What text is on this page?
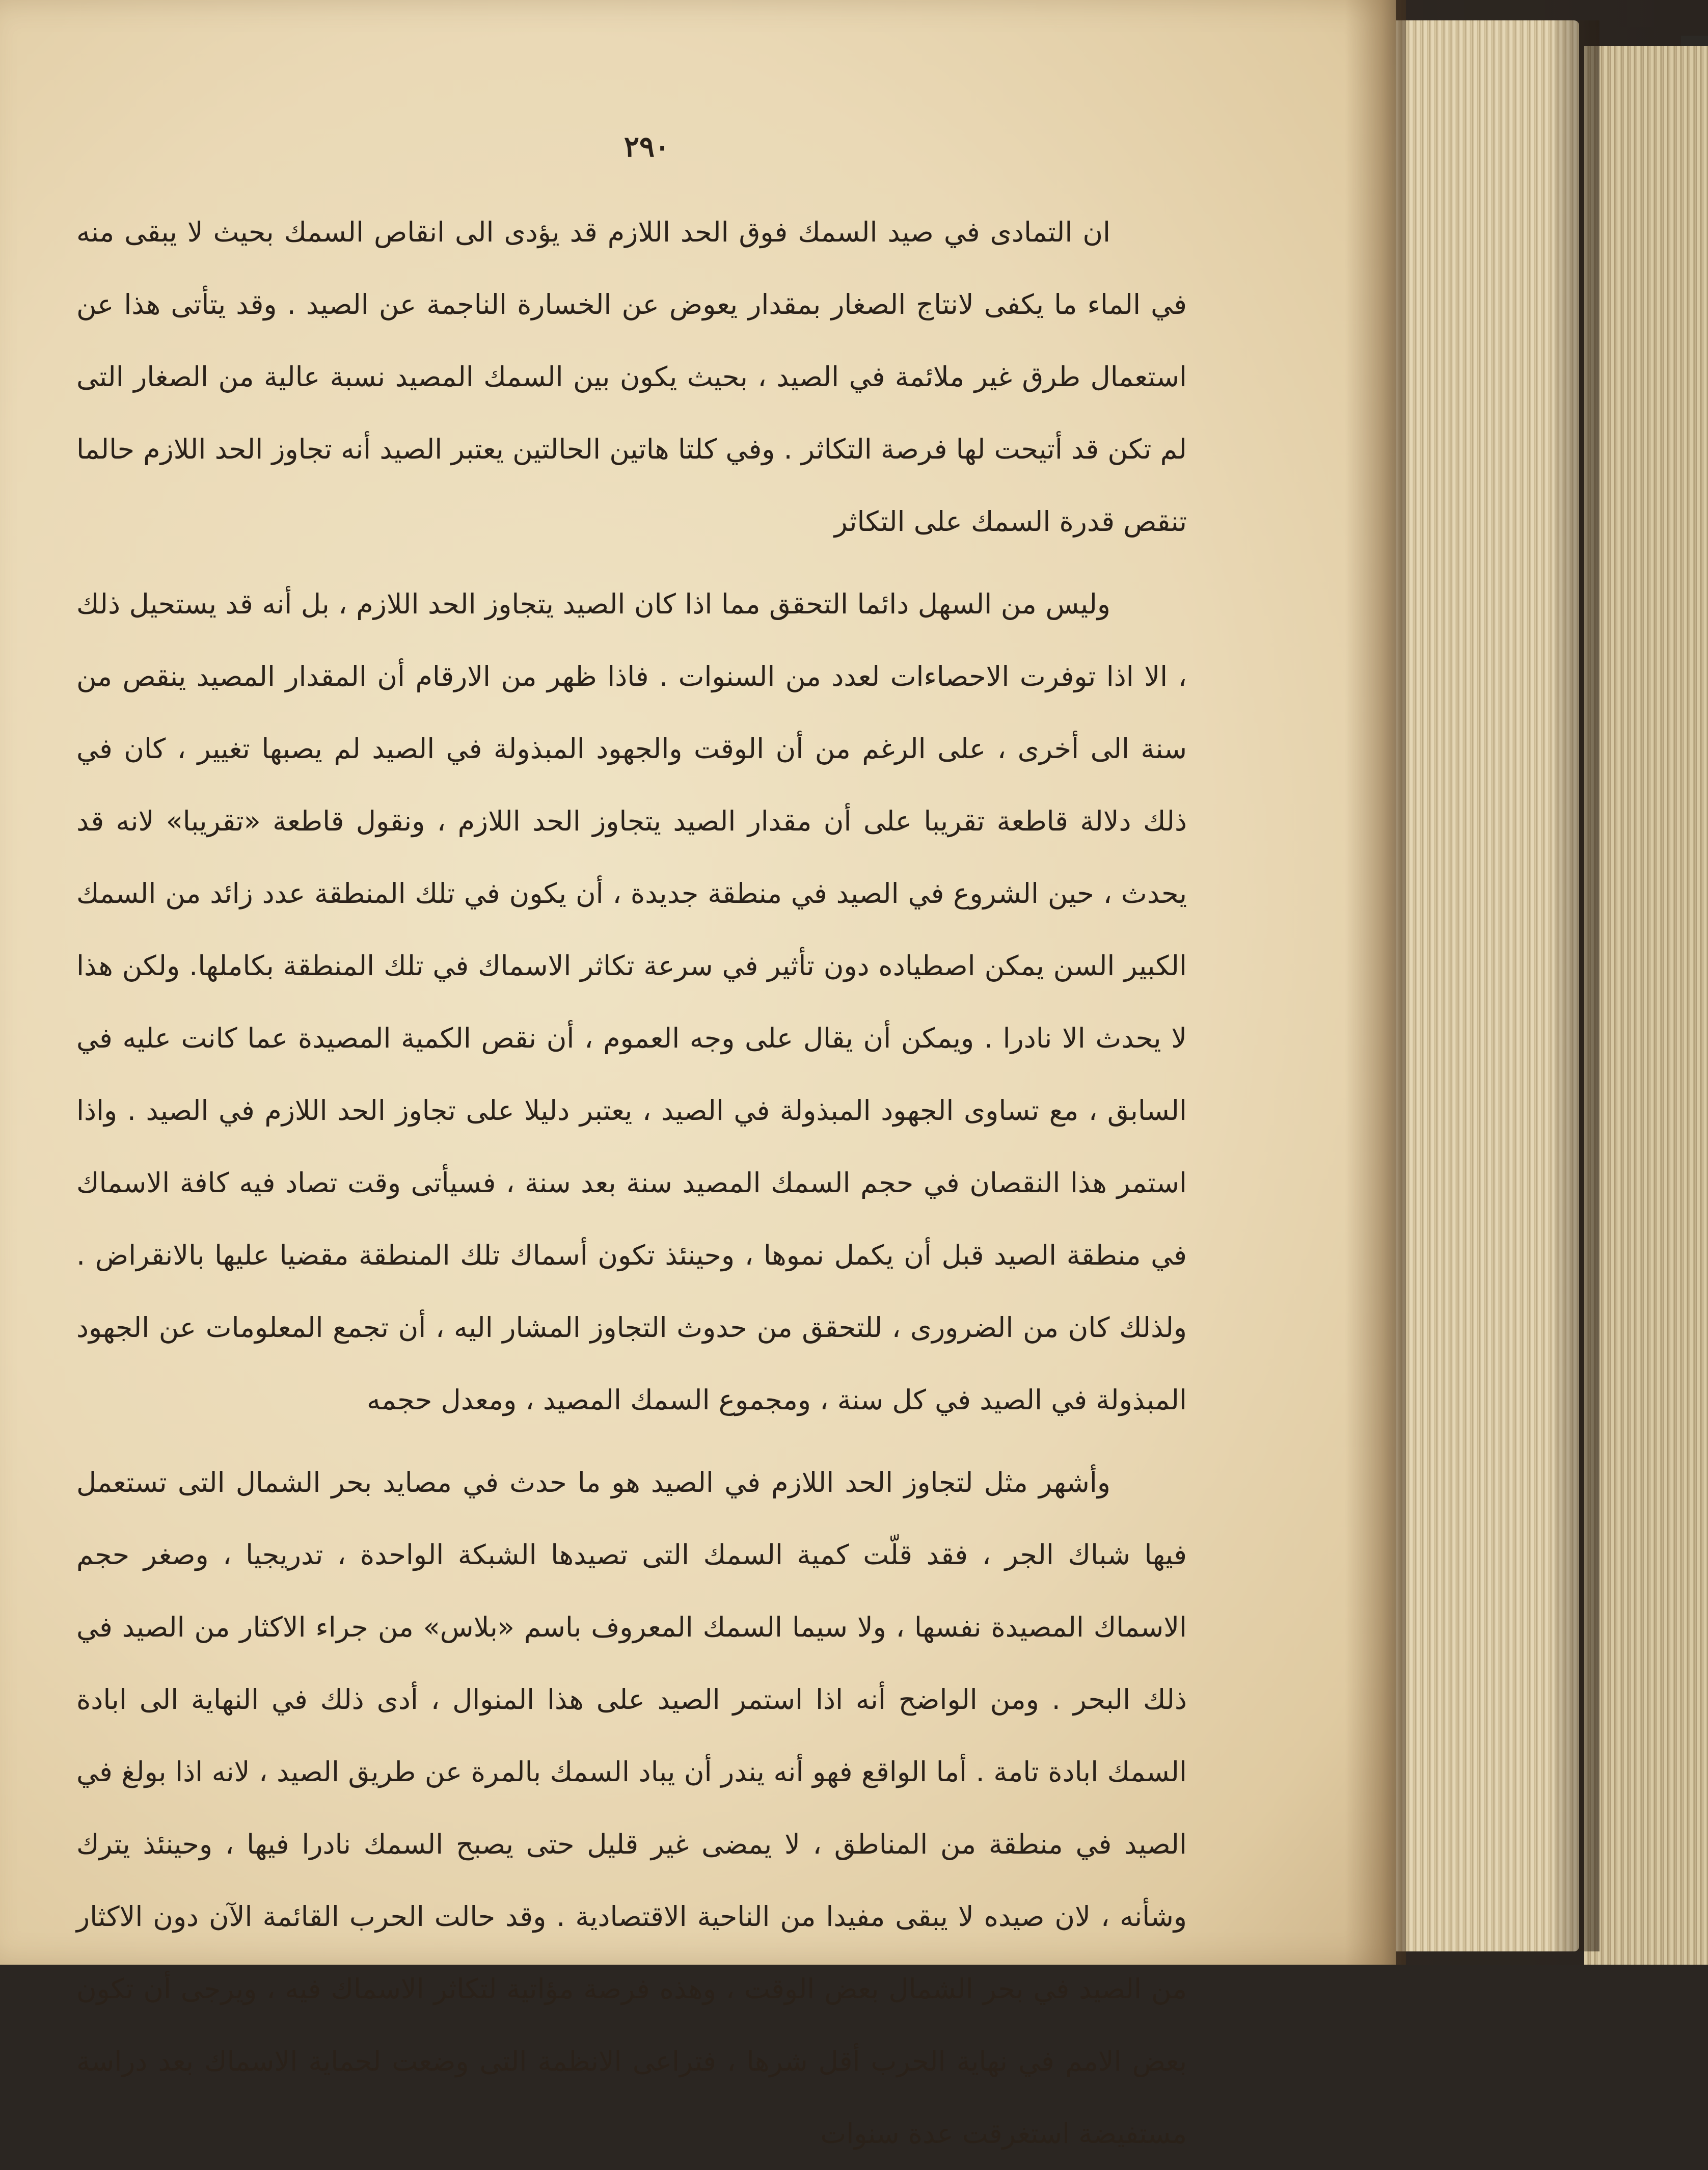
٢٩٠

ان التمادى في صيد السمك فوق الحد اللازم قد يؤدى الى انقاص السمك بحيث لا يبقى منه في الماء ما يكفى لانتاج الصغار بمقدار يعوض عن الخسارة الناجمة عن الصيد . وقد يتأتى هذا عن استعمال طرق غير ملائمة في الصيد ، بحيث يكون بين السمك المصيد نسبة عالية من الصغار التى لم تكن قد أتيحت لها فرصة التكاثر . وفي كلتا هاتين الحالتين يعتبر الصيد أنه تجاوز الحد اللازم حالما تنقص قدرة السمك على التكاثر

وليس من السهل دائما التحقق مما اذا كان الصيد يتجاوز الحد اللازم ، بل أنه قد يستحيل ذلك ، الا اذا توفرت الاحصاءات لعدد من السنوات . فاذا ظهر من الارقام أن المقدار المصيد ينقص من سنة الى أخرى ، على الرغم من أن الوقت والجهود المبذولة في الصيد لم يصبها تغيير ، كان في ذلك دلالة قاطعة تقريبا على أن مقدار الصيد يتجاوز الحد اللازم ، ونقول قاطعة «تقريبا» لانه قد يحدث ، حين الشروع في الصيد في منطقة جديدة ، أن يكون في تلك المنطقة عدد زائد من السمك الكبير السن يمكن اصطياده دون تأثير في سرعة تكاثر الاسماك في تلك المنطقة بكاملها. ولكن هذا لا يحدث الا نادرا . ويمكن أن يقال على وجه العموم ، أن نقص الكمية المصيدة عما كانت عليه في السابق ، مع تساوى الجهود المبذولة في الصيد ، يعتبر دليلا على تجاوز الحد اللازم في الصيد . واذا استمر هذا النقصان في حجم السمك المصيد سنة بعد سنة ، فسيأتى وقت تصاد فيه كافة الاسماك في منطقة الصيد قبل أن يكمل نموها ، وحينئذ تكون أسماك تلك المنطقة مقضيا عليها بالانقراض . ولذلك كان من الضرورى ، للتحقق من حدوث التجاوز المشار اليه ، أن تجمع المعلومات عن الجهود المبذولة في الصيد في كل سنة ، ومجموع السمك المصيد ، ومعدل حجمه

وأشهر مثل لتجاوز الحد اللازم في الصيد هو ما حدث في مصايد بحر الشمال التى تستعمل فيها شباك الجر ، فقد قلّت كمية السمك التى تصيدها الشبكة الواحدة ، تدريجيا ، وصغر حجم الاسماك المصيدة نفسها ، ولا سيما السمك المعروف باسم «بلاس» من جراء الاكثار من الصيد في ذلك البحر . ومن الواضح أنه اذا استمر الصيد على هذا المنوال ، أدى ذلك في النهاية الى ابادة السمك ابادة تامة . أما الواقع فهو أنه يندر أن يباد السمك بالمرة عن طريق الصيد ، لانه اذا بولغ في الصيد في منطقة من المناطق ، لا يمضى غير قليل حتى يصبح السمك نادرا فيها ، وحينئذ يترك وشأنه ، لان صيده لا يبقى مفيدا من الناحية الاقتصادية . وقد حالت الحرب القائمة الآن دون الاكثار من الصيد في بحر الشمال بعض الوقت ، وهذه فرصة مؤاتية لتكاثر الاسماك فيه ، ويرجى أن تكون بعض الامم في نهاية الحرب أقل شرها ، فتراعى الانظمة التى وضعت لحماية الاسماك بعد دراسة مستفيضة استغرقت عدة سنوات
